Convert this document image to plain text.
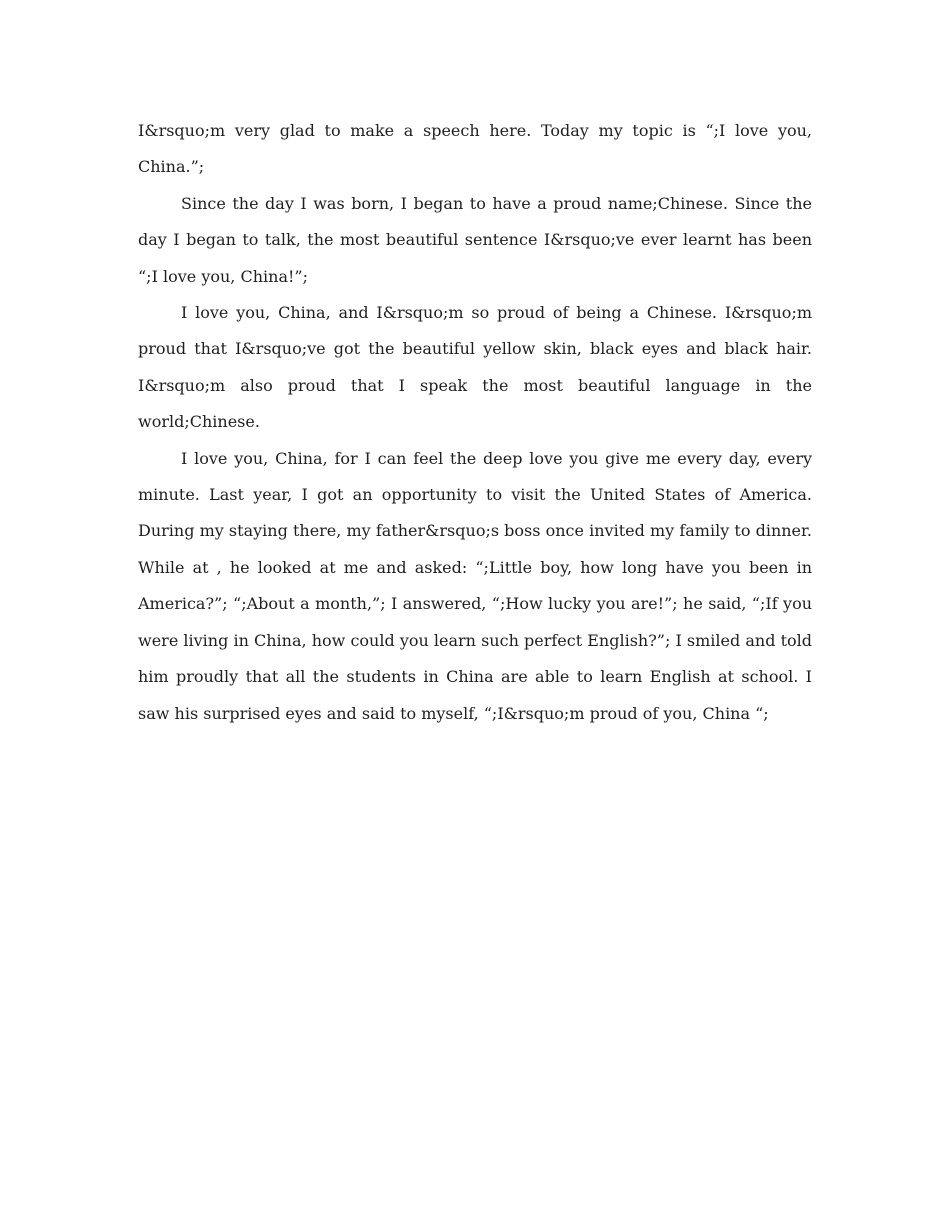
I&rsquo;m very glad to make a speech here. Today my topic is “;I love you, China.”;

Since the day I was born, I began to have a proud name;Chinese. Since the day I began to talk, the most beautiful sentence I&rsquo;ve ever learnt has been “;I love you, China!”;

I love you, China, and I&rsquo;m so proud of being a Chinese. I&rsquo;m proud that I&rsquo;ve got the beautiful yellow skin, black eyes and black hair. I&rsquo;m also proud that I speak the most beautiful language in the world;Chinese.

I love you, China, for I can feel the deep love you give me every day, every minute. Last year, I got an opportunity to visit the United States of America. During my staying there, my father&rsquo;s boss once invited my family to dinner. While at , he looked at me and asked: “;Little boy, how long have you been in America?”; “;About a month,”; I answered, “;How lucky you are!”; he said, “;If you were living in China, how could you learn such perfect English?”; I smiled and told him proudly that all the students in China are able to learn English at school. I saw his surprised eyes and said to myself, “;I&rsquo;m proud of you, China “;
